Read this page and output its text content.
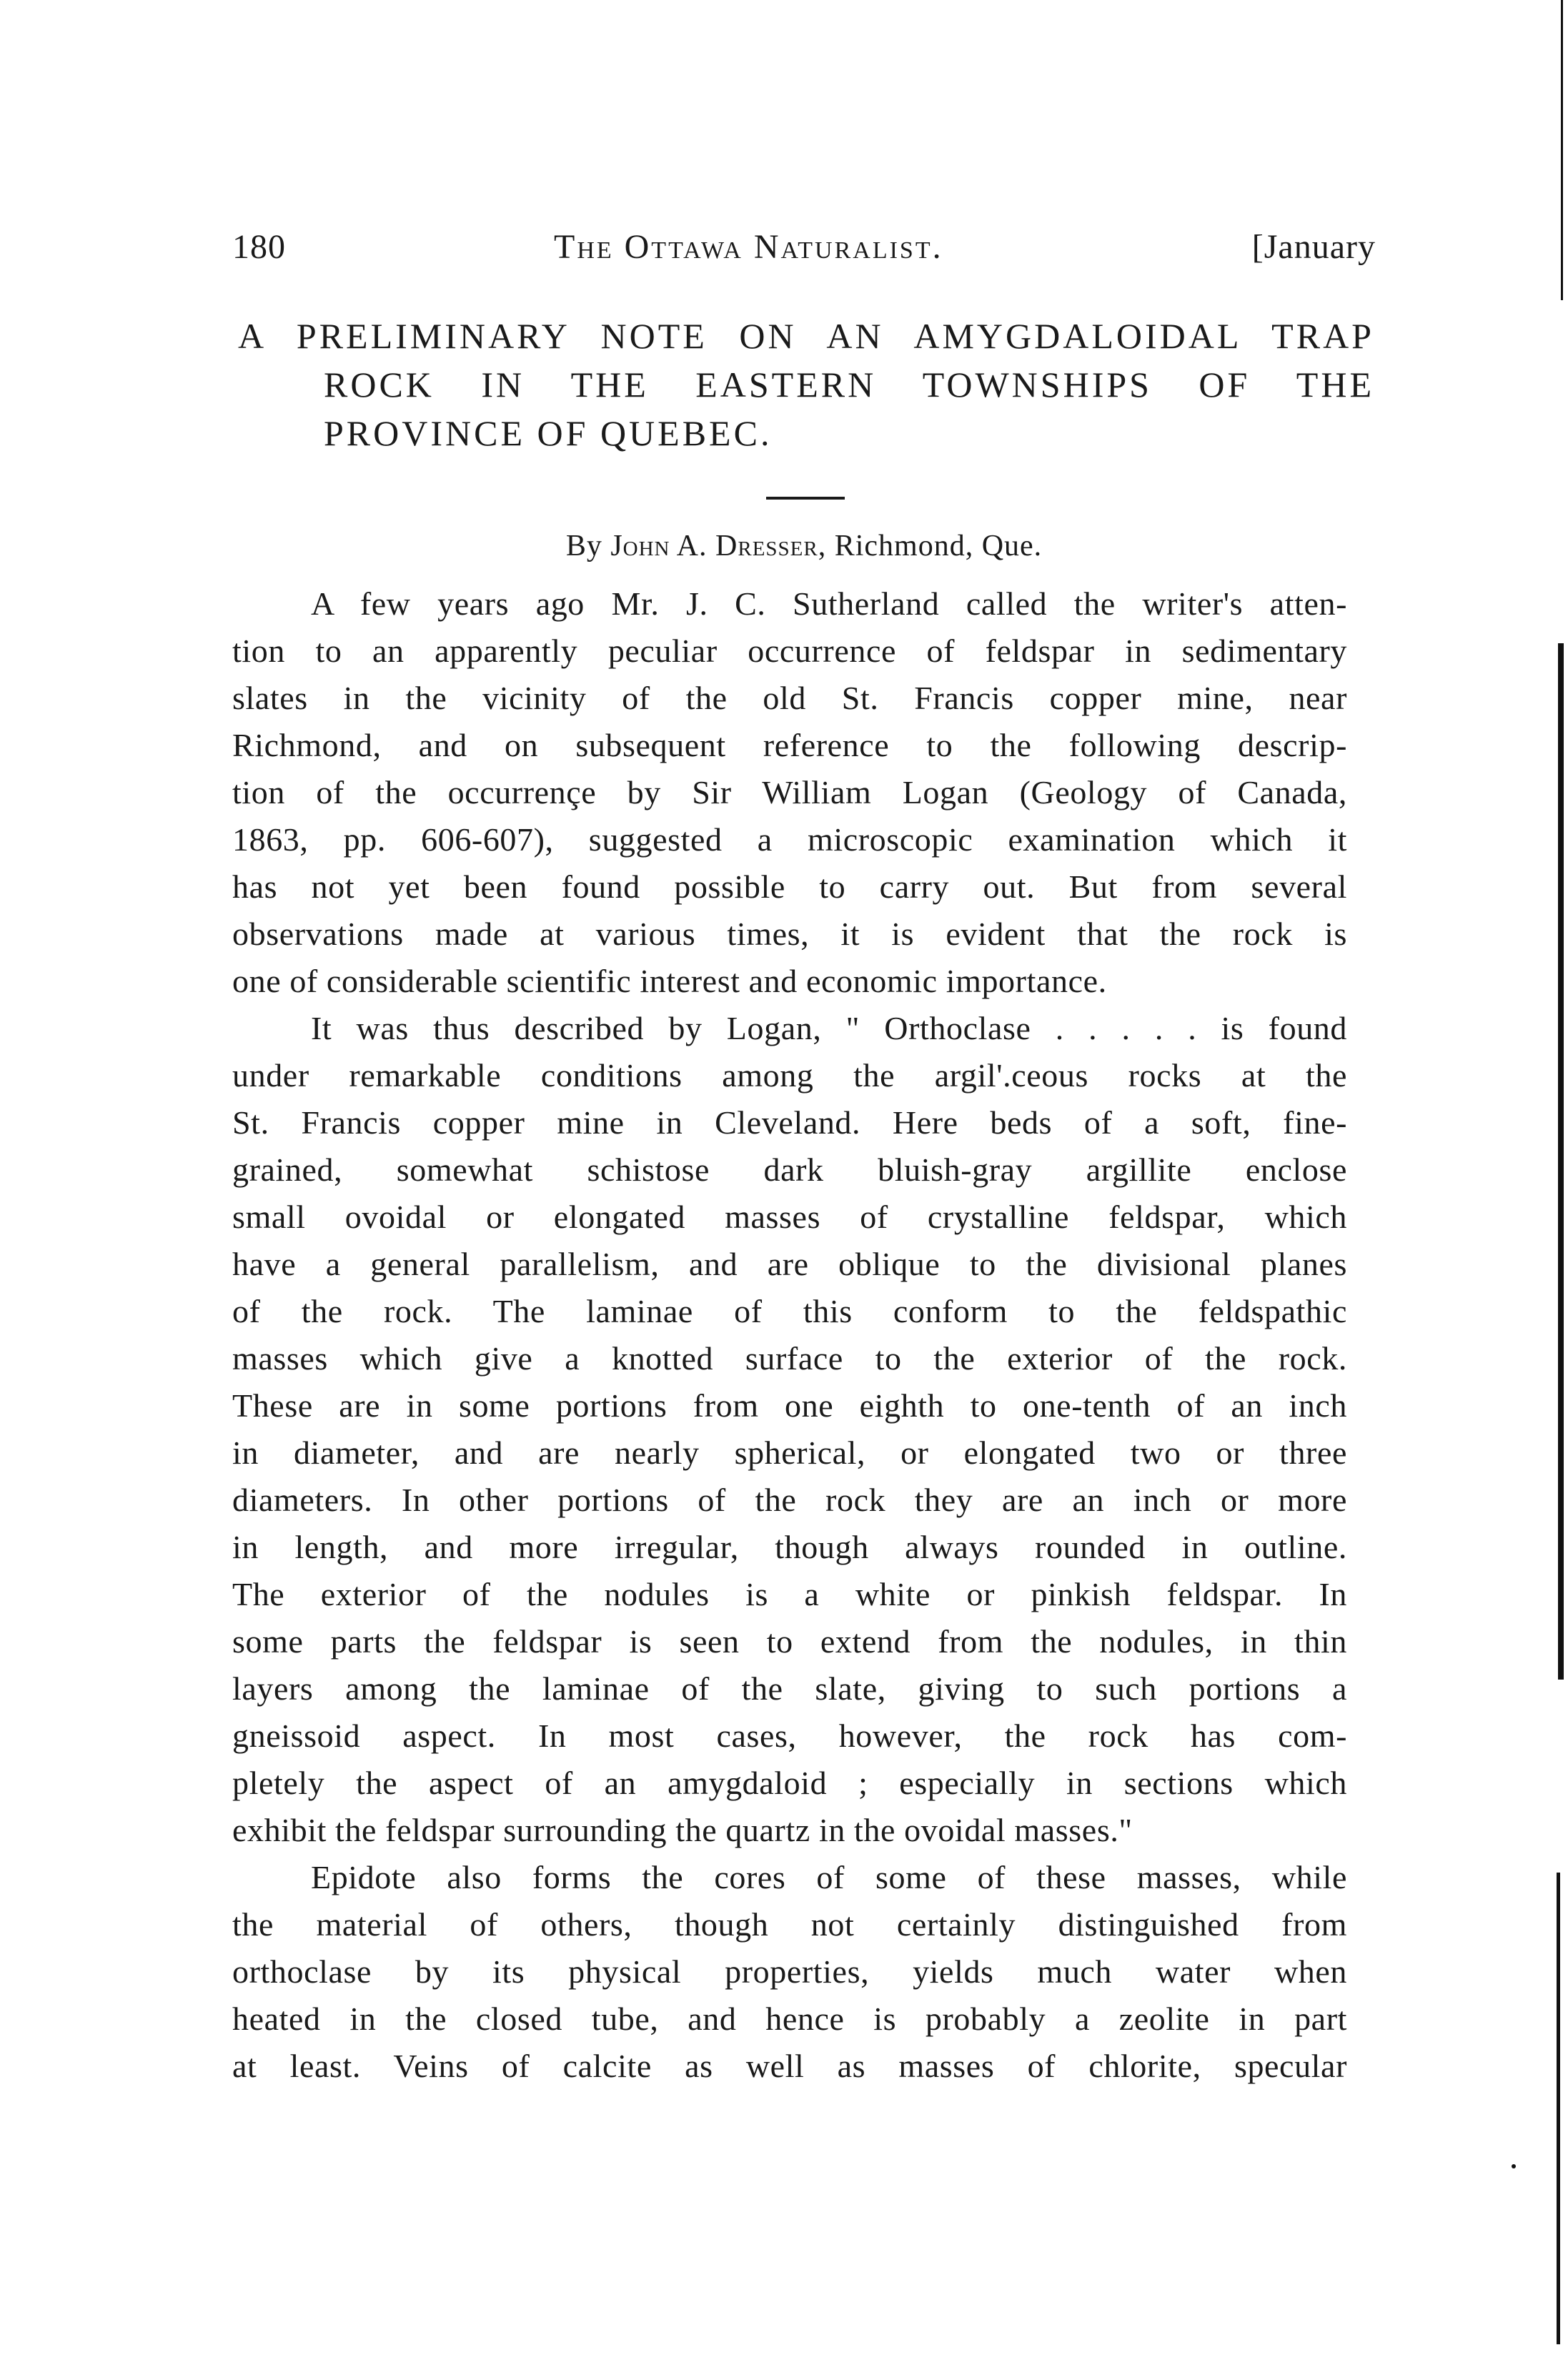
180	The Ottawa Naturalist.	[January
A PRELIMINARY NOTE ON AN AMYGDALOIDAL TRAP
ROCK IN THE EASTERN TOWNSHIPS OF THE
PROVINCE OF QUEBEC.
By John A. Dresser, Richmond, Que.
A few years ago Mr. J. C. Sutherland called the writer's atten-
tion to an apparently peculiar occurrence of feldspar in sedimentary
slates in the vicinity of the old St. Francis copper mine, near
Richmond, and on subsequent reference to the following descrip-
tion of the occurrençe by Sir William Logan (Geology of Canada,
1863, pp. 606-607), suggested a microscopic examination which it
has not yet been found possible to carry out. But from several
observations made at various times, it is evident that the rock is
one of considerable scientific interest and economic importance.
It was thus described by Logan, " Orthoclase . . . . . is found
under remarkable conditions among the argil'.ceous rocks at the
St. Francis copper mine in Cleveland. Here beds of a soft, fine-
grained, somewhat schistose dark bluish-gray argillite enclose
small ovoidal or elongated masses of crystalline feldspar, which
have a general parallelism, and are oblique to the divisional planes
of the rock. The laminae of this conform to the feldspathic
masses which give a knotted surface to the exterior of the rock.
These are in some portions from one eighth to one-tenth of an inch
in diameter, and are nearly spherical, or elongated two or three
diameters. In other portions of the rock they are an inch or more
in length, and more irregular, though always rounded in outline.
The exterior of the nodules is a white or pinkish feldspar. In
some parts the feldspar is seen to extend from the nodules, in thin
layers among the laminae of the slate, giving to such portions a
gneissoid aspect. In most cases, however, the rock has com-
pletely the aspect of an amygdaloid ; especially in sections which
exhibit the feldspar surrounding the quartz in the ovoidal masses."
Epidote also forms the cores of some of these masses, while
the material of others, though not certainly distinguished from
orthoclase by its physical properties, yields much water when
heated in the closed tube, and hence is probably a zeolite in part
at least. Veins of calcite as well as masses of chlorite, specular
